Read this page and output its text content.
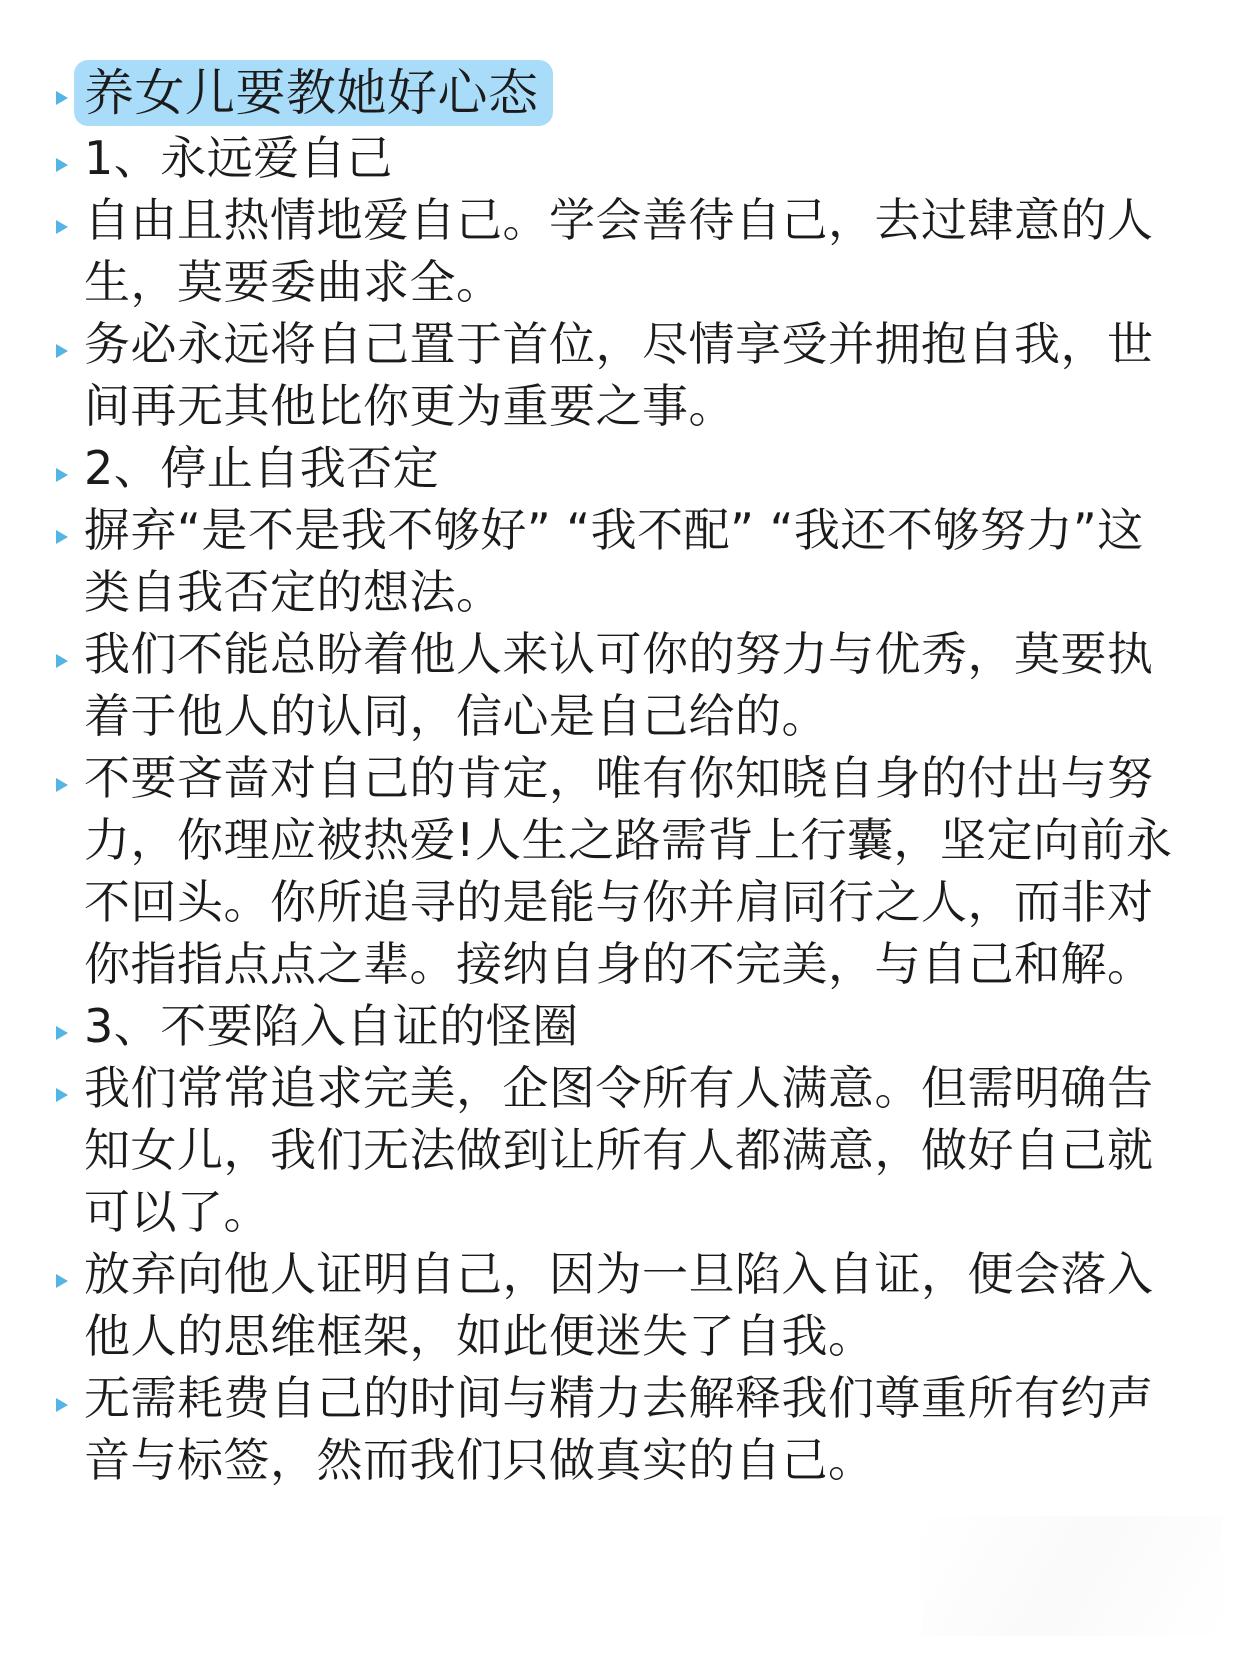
养女儿要教她好心态
1、永远爱自己
自由且热情地爱自己。学会善待自己，去过肆意的人生，莫要委曲求全。
务必永远将自己置于首位，尽情享受并拥抱自我，世间再无其他比你更为重要之事。
2、停止自我否定
摒弃“是不是我不够好” “我不配” “我还不够努力”这类自我否定的想法。
我们不能总盼着他人来认可你的努力与优秀，莫要执着于他人的认同，信心是自己给的。
不要吝啬对自己的肯定，唯有你知晓自身的付出与努力，你理应被热爱!人生之路需背上行囊，坚定向前永不回头。你所追寻的是能与你并肩同行之人，而非对你指指点点之辈。接纳自身的不完美，与自己和解。
3、不要陷入自证的怪圈
我们常常追求完美，企图令所有人满意。但需明确告知女儿，我们无法做到让所有人都满意，做好自己就可以了。
放弃向他人证明自己，因为一旦陷入自证，便会落入他人的思维框架，如此便迷失了自我。
无需耗费自己的时间与精力去解释我们尊重所有约声音与标签，然而我们只做真实的自己。
